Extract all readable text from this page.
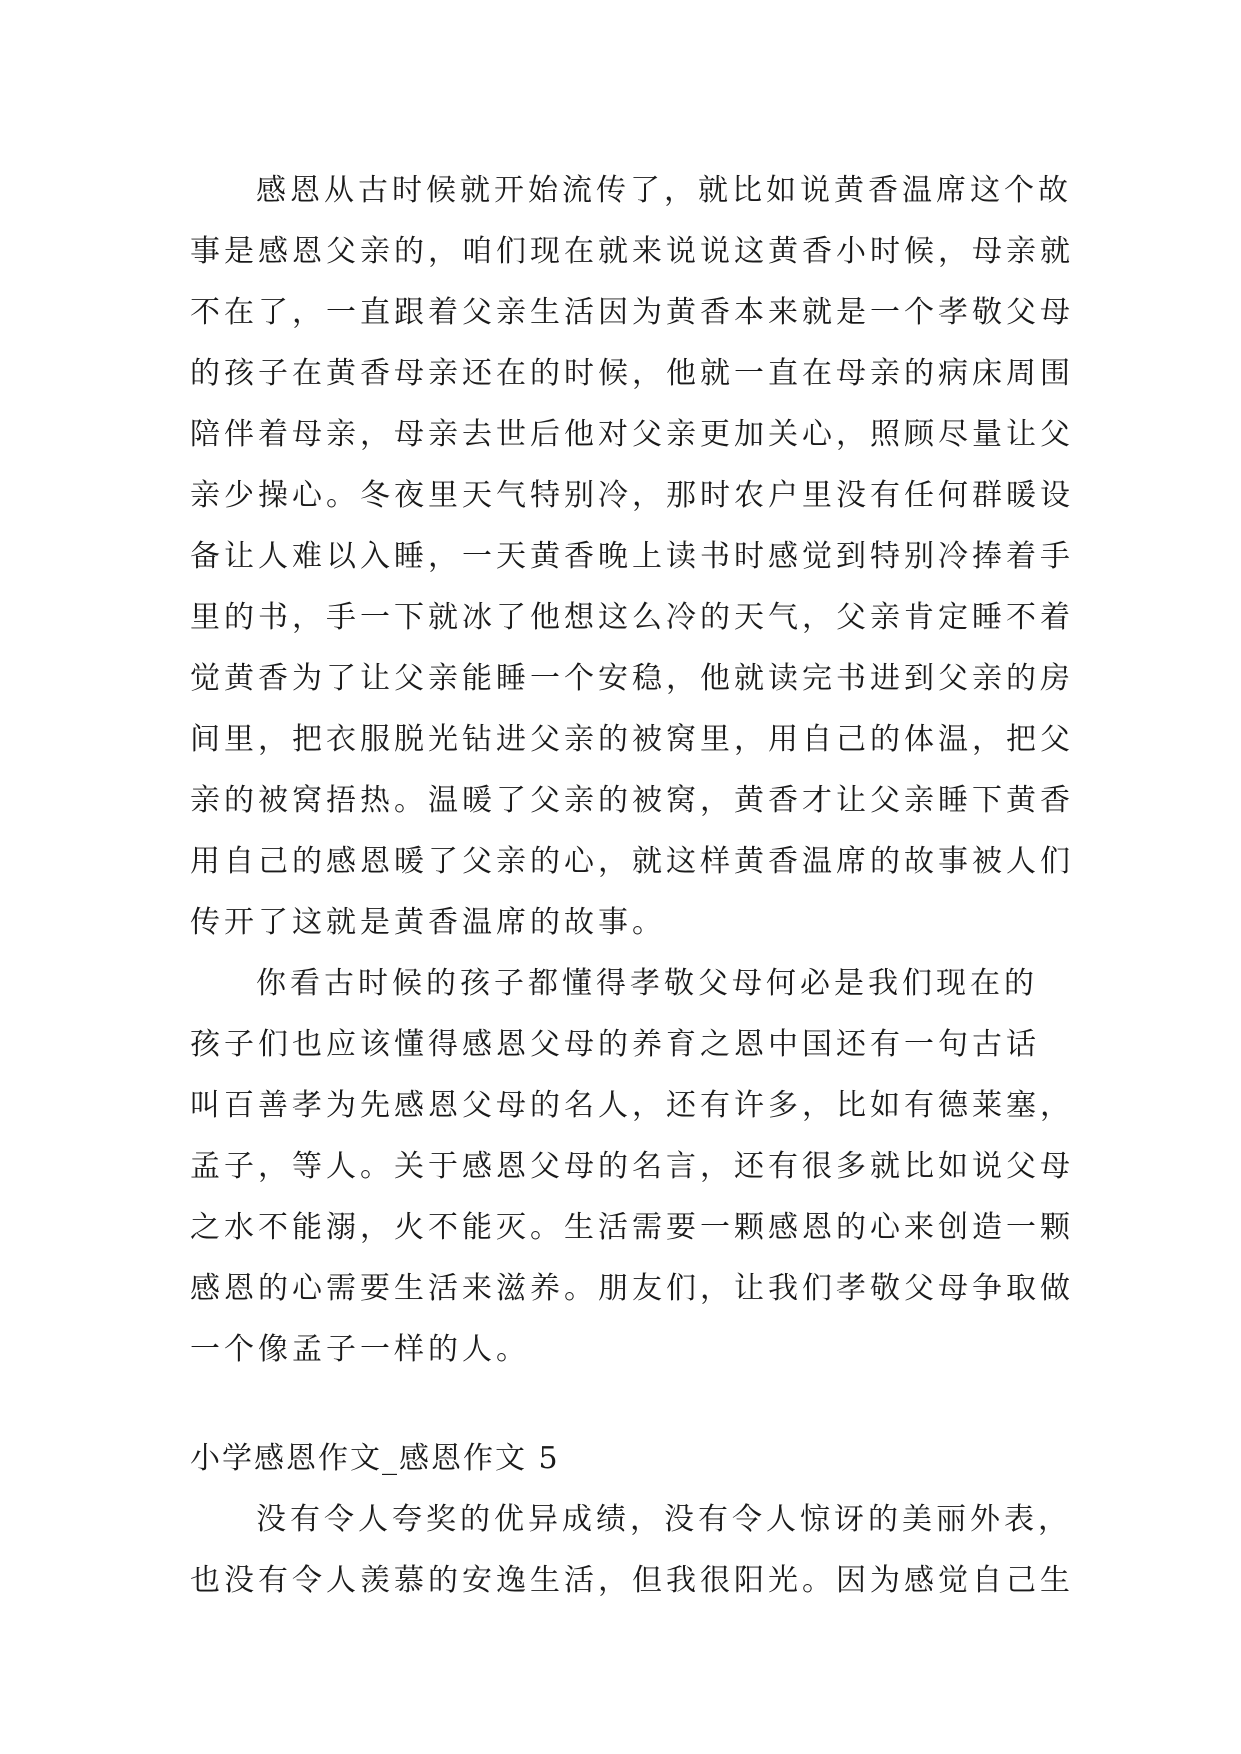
感恩从古时候就开始流传了，就比如说黄香温席这个故
事是感恩父亲的，咱们现在就来说说这黄香小时候，母亲就
不在了，一直跟着父亲生活因为黄香本来就是一个孝敬父母
的孩子在黄香母亲还在的时候，他就一直在母亲的病床周围
陪伴着母亲，母亲去世后他对父亲更加关心，照顾尽量让父
亲少操心。冬夜里天气特别冷，那时农户里没有任何群暖设
备让人难以入睡，一天黄香晚上读书时感觉到特别冷捧着手
里的书，手一下就冰了他想这么冷的天气，父亲肯定睡不着
觉黄香为了让父亲能睡一个安稳，他就读完书进到父亲的房
间里，把衣服脱光钻进父亲的被窝里，用自己的体温，把父
亲的被窝捂热。温暖了父亲的被窝，黄香才让父亲睡下黄香
用自己的感恩暖了父亲的心，就这样黄香温席的故事被人们
传开了这就是黄香温席的故事。
你看古时候的孩子都懂得孝敬父母何必是我们现在的
孩子们也应该懂得感恩父母的养育之恩中国还有一句古话
叫百善孝为先感恩父母的名人，还有许多，比如有德莱塞，
孟子，等人。关于感恩父母的名言，还有很多就比如说父母
之水不能溺，火不能灭。生活需要一颗感恩的心来创造一颗
感恩的心需要生活来滋养。朋友们，让我们孝敬父母争取做
一个像孟子一样的人。
小学感恩作文_感恩作文 5
没有令人夸奖的优异成绩，没有令人惊讶的美丽外表，
也没有令人羡慕的安逸生活，但我很阳光。因为感觉自己生
